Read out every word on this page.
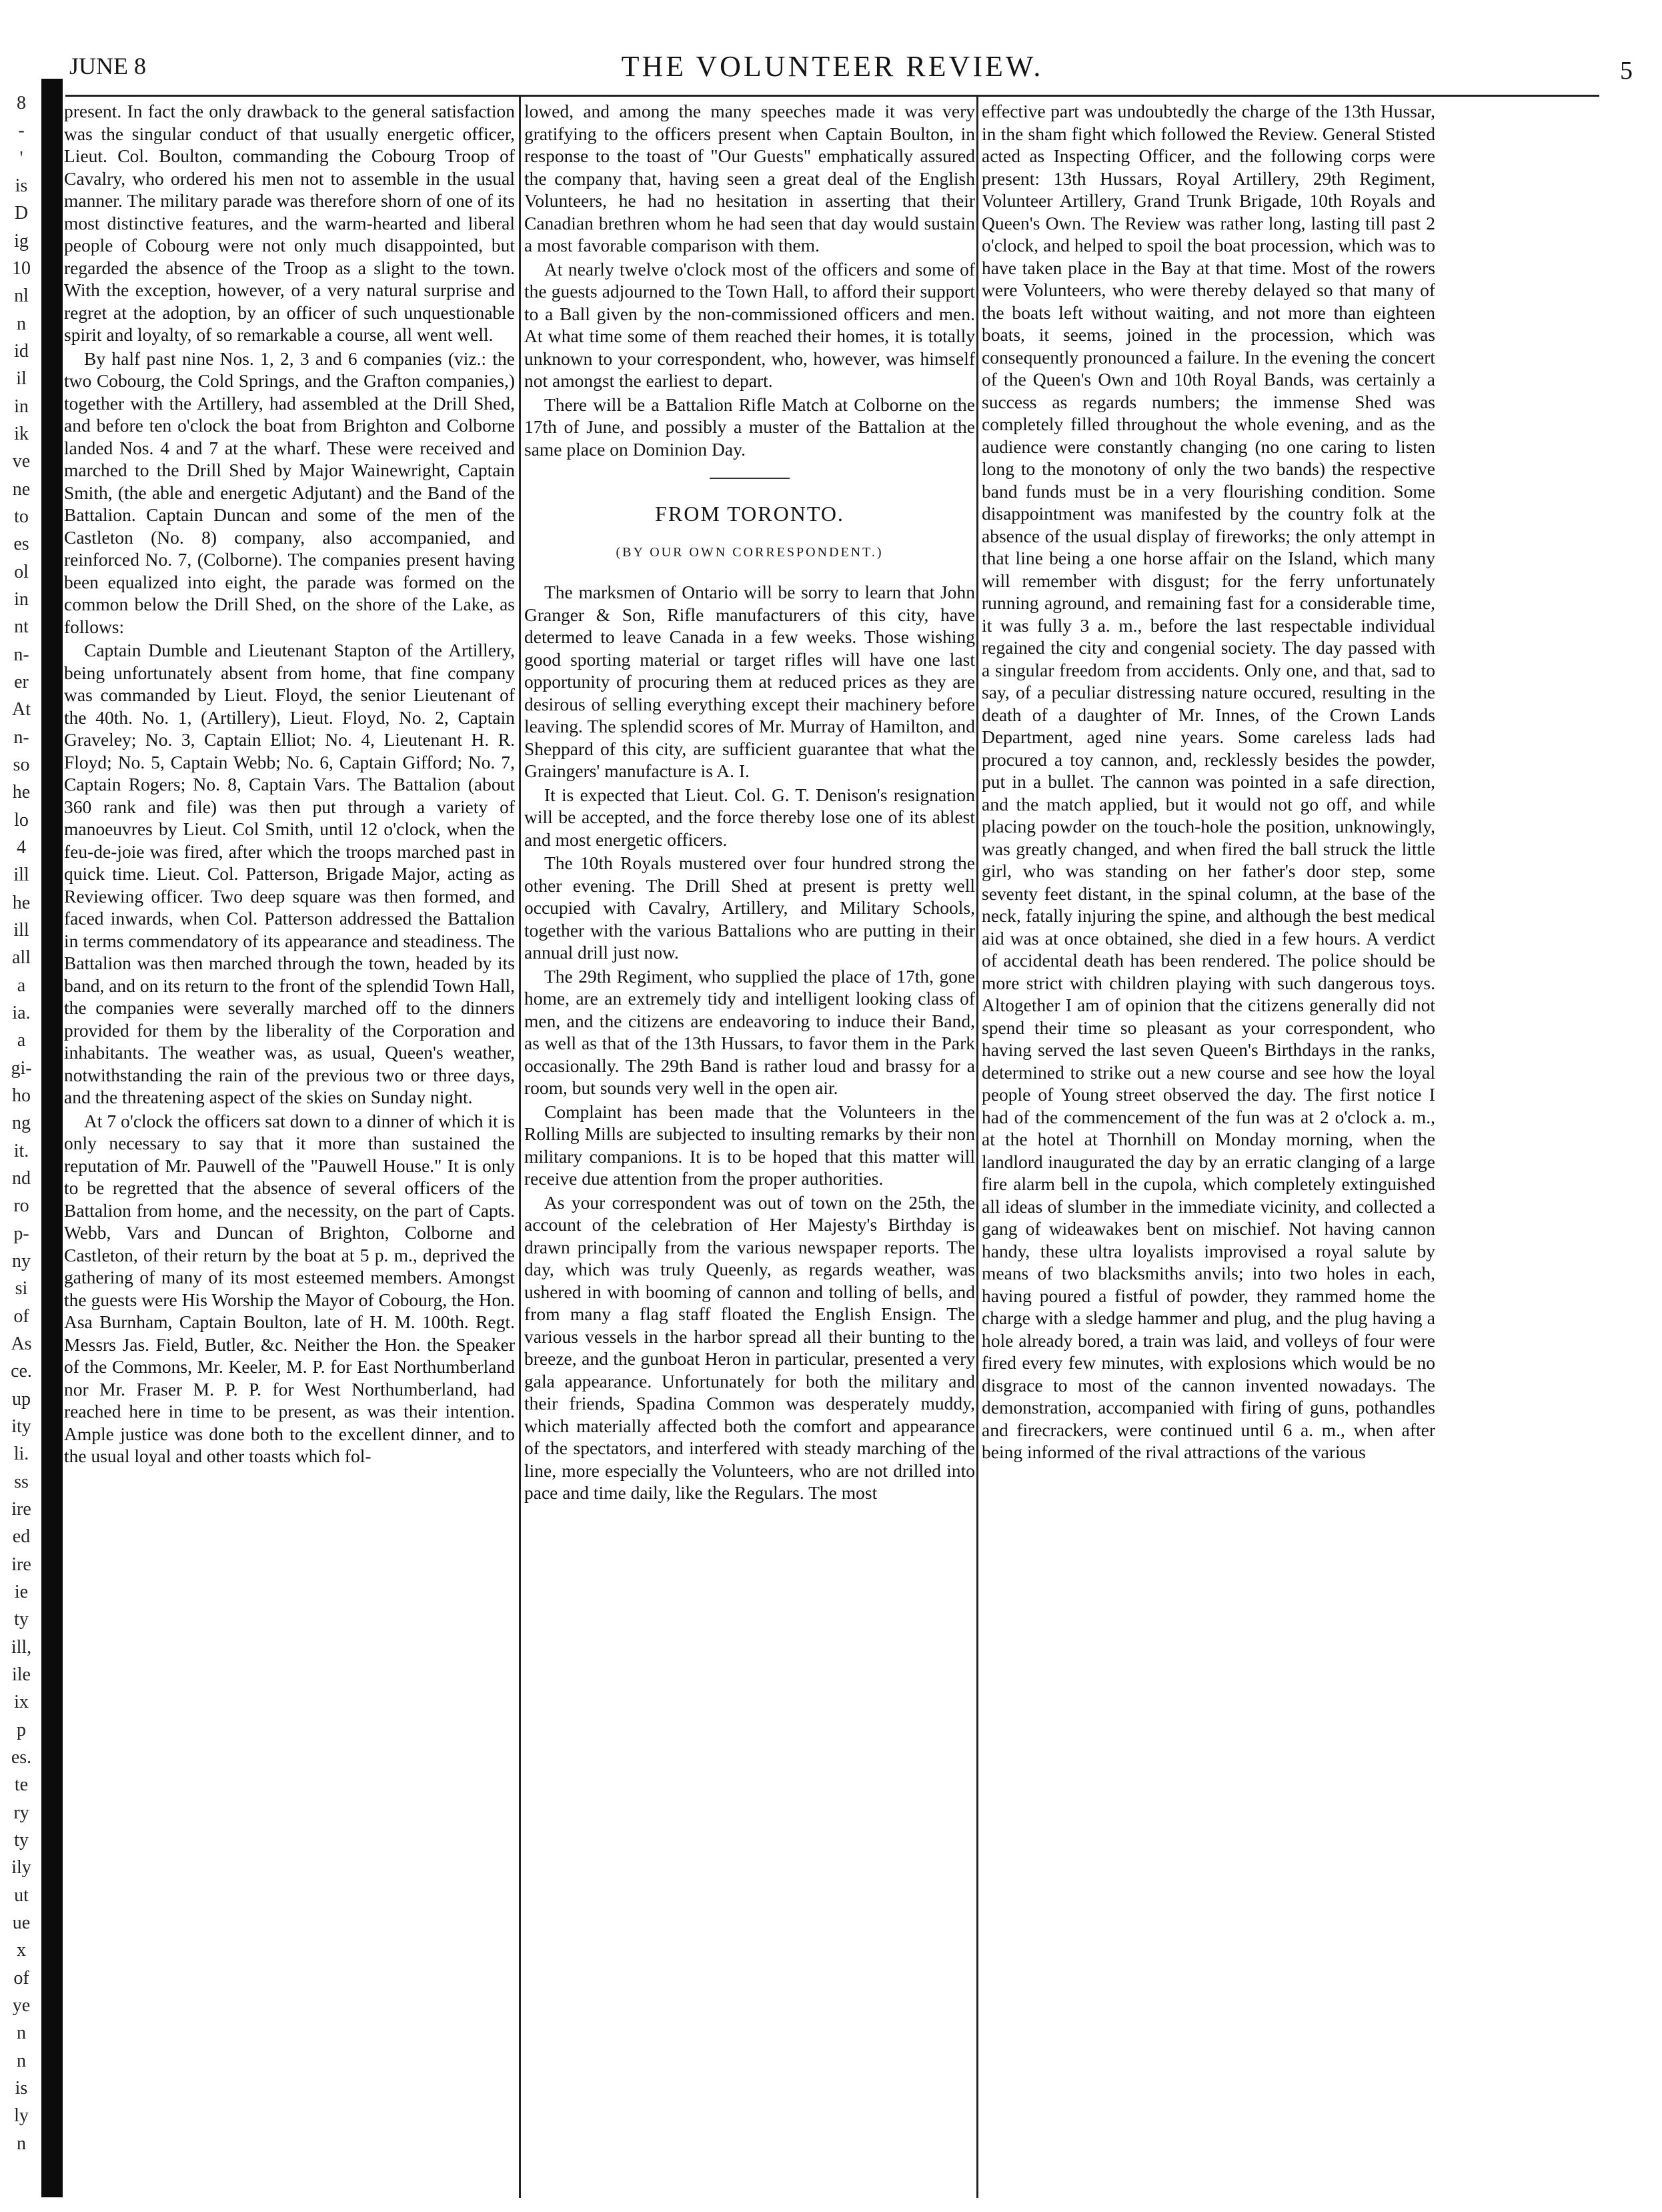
8
-
'
is
D
ig
10
nl
n
id
il
in
ik
ve
ne
to
es
ol
in
nt
n-
er
At
n-
so
he
lo
4
ill
he
ill
all
a
ia.
a
gi-
ho
ng
it.
nd
ro
p-
ny
si
of
As
ce.
up
ity
li.
ss
ire
ed
ire
ie
ty
ill,
ile
ix
p
es.
te
ry
ty
ily
ut
ue
x
of
ye
n
n
is
ly
n
JUNE 8	THE VOLUNTEER REVIEW.	5

present. In fact the only drawback to the general satisfaction was the singular conduct of that usually energetic officer, Lieut. Col. Boulton, commanding the Cobourg Troop of Cavalry, who ordered his men not to assemble in the usual manner. The military parade was therefore shorn of one of its most distinctive features, and the warm-hearted and liberal people of Cobourg were not only much disappointed, but regarded the absence of the Troop as a slight to the town. With the exception, however, of a very natural surprise and regret at the adoption, by an officer of such unquestionable spirit and loyalty, of so remarkable a course, all went well.

By half past nine Nos. 1, 2, 3 and 6 companies (viz.: the two Cobourg, the Cold Springs, and the Grafton companies,) together with the Artillery, had assembled at the Drill Shed, and before ten o'clock the boat from Brighton and Colborne landed Nos. 4 and 7 at the wharf. These were received and marched to the Drill Shed by Major Wainewright, Captain Smith, (the able and energetic Adjutant) and the Band of the Battalion. Captain Duncan and some of the men of the Castleton (No. 8) company, also accompanied, and reinforced No. 7, (Colborne). The companies present having been equalized into eight, the parade was formed on the common below the Drill Shed, on the shore of the Lake, as follows:

Captain Dumble and Lieutenant Stapton of the Artillery, being unfortunately absent from home, that fine company was commanded by Lieut. Floyd, the senior Lieutenant of the 40th. No. 1, (Artillery), Lieut. Floyd, No. 2, Captain Graveley; No. 3, Captain Elliot; No. 4, Lieutenant H. R. Floyd; No. 5, Captain Webb; No. 6, Captain Gifford; No. 7, Captain Rogers; No. 8, Captain Vars. The Battalion (about 360 rank and file) was then put through a variety of manoeuvres by Lieut. Col Smith, until 12 o'clock, when the feu-de-joie was fired, after which the troops marched past in quick time. Lieut. Col. Patterson, Brigade Major, acting as Reviewing officer. Two deep square was then formed, and faced inwards, when Col. Patterson addressed the Battalion in terms commendatory of its appearance and steadiness. The Battalion was then marched through the town, headed by its band, and on its return to the front of the splendid Town Hall, the companies were severally marched off to the dinners provided for them by the liberality of the Corporation and inhabitants. The weather was, as usual, Queen's weather, notwithstanding the rain of the previous two or three days, and the threatening aspect of the skies on Sunday night.

At 7 o'clock the officers sat down to a dinner of which it is only necessary to say that it more than sustained the reputation of Mr. Pauwell of the "Pauwell House." It is only to be regretted that the absence of several officers of the Battalion from home, and the necessity, on the part of Capts. Webb, Vars and Duncan of Brighton, Colborne and Castleton, of their return by the boat at 5 p. m., deprived the gathering of many of its most esteemed members. Amongst the guests were His Worship the Mayor of Cobourg, the Hon. Asa Burnham, Captain Boulton, late of H. M. 100th. Regt. Messrs Jas. Field, Butler, &c. Neither the Hon. the Speaker of the Commons, Mr. Keeler, M. P. for East Northumberland nor Mr. Fraser M. P. P. for West Northumberland, had reached here in time to be present, as was their intention. Ample justice was done both to the excellent dinner, and to the usual loyal and other toasts which fol-

lowed, and among the many speeches made it was very gratifying to the officers present when Captain Boulton, in response to the toast of "Our Guests" emphatically assured the company that, having seen a great deal of the English Volunteers, he had no hesitation in asserting that their Canadian brethren whom he had seen that day would sustain a most favorable comparison with them.

At nearly twelve o'clock most of the officers and some of the guests adjourned to the Town Hall, to afford their support to a Ball given by the non-commissioned officers and men. At what time some of them reached their homes, it is totally unknown to your correspondent, who, however, was himself not amongst the earliest to depart.

There will be a Battalion Rifle Match at Colborne on the 17th of June, and possibly a muster of the Battalion at the same place on Dominion Day.

FROM TORONTO.
(BY OUR OWN CORRESPONDENT.)

The marksmen of Ontario will be sorry to learn that John Granger & Son, Rifle manufacturers of this city, have determed to leave Canada in a few weeks. Those wishing good sporting material or target rifles will have one last opportunity of procuring them at reduced prices as they are desirous of selling everything except their machinery before leaving. The splendid scores of Mr. Murray of Hamilton, and Sheppard of this city, are sufficient guarantee that what the Graingers' manufacture is A. I.

It is expected that Lieut. Col. G. T. Denison's resignation will be accepted, and the force thereby lose one of its ablest and most energetic officers.

The 10th Royals mustered over four hundred strong the other evening. The Drill Shed at present is pretty well occupied with Cavalry, Artillery, and Military Schools, together with the various Battalions who are putting in their annual drill just now.

The 29th Regiment, who supplied the place of 17th, gone home, are an extremely tidy and intelligent looking class of men, and the citizens are endeavoring to induce their Band, as well as that of the 13th Hussars, to favor them in the Park occasionally. The 29th Band is rather loud and brassy for a room, but sounds very well in the open air.

Complaint has been made that the Volunteers in the Rolling Mills are subjected to insulting remarks by their non military companions. It is to be hoped that this matter will receive due attention from the proper authorities.

As your correspondent was out of town on the 25th, the account of the celebration of Her Majesty's Birthday is drawn principally from the various newspaper reports. The day, which was truly Queenly, as regards weather, was ushered in with booming of cannon and tolling of bells, and from many a flag staff floated the English Ensign. The various vessels in the harbor spread all their bunting to the breeze, and the gunboat Heron in particular, presented a very gala appearance. Unfortunately for both the military and their friends, Spadina Common was desperately muddy, which materially affected both the comfort and appearance of the spectators, and interfered with steady marching of the line, more especially the Volunteers, who are not drilled into pace and time daily, like the Regulars. The most

effective part was undoubtedly the charge of the 13th Hussar, in the sham fight which followed the Review. General Stisted acted as Inspecting Officer, and the following corps were present: 13th Hussars, Royal Artillery, 29th Regiment, Volunteer Artillery, Grand Trunk Brigade, 10th Royals and Queen's Own. The Review was rather long, lasting till past 2 o'clock, and helped to spoil the boat procession, which was to have taken place in the Bay at that time. Most of the rowers were Volunteers, who were thereby delayed so that many of the boats left without waiting, and not more than eighteen boats, it seems, joined in the procession, which was consequently pronounced a failure. In the evening the concert of the Queen's Own and 10th Royal Bands, was certainly a success as regards numbers; the immense Shed was completely filled throughout the whole evening, and as the audience were constantly changing (no one caring to listen long to the monotony of only the two bands) the respective band funds must be in a very flourishing condition. Some disappointment was manifested by the country folk at the absence of the usual display of fireworks; the only attempt in that line being a one horse affair on the Island, which many will remember with disgust; for the ferry unfortunately running aground, and remaining fast for a considerable time, it was fully 3 a. m., before the last respectable individual regained the city and congenial society. The day passed with a singular freedom from accidents. Only one, and that, sad to say, of a peculiar distressing nature occured, resulting in the death of a daughter of Mr. Innes, of the Crown Lands Department, aged nine years. Some careless lads had procured a toy cannon, and, recklessly besides the powder, put in a bullet. The cannon was pointed in a safe direction, and the match applied, but it would not go off, and while placing powder on the touch-hole the position, unknowingly, was greatly changed, and when fired the ball struck the little girl, who was standing on her father's door step, some seventy feet distant, in the spinal column, at the base of the neck, fatally injuring the spine, and although the best medical aid was at once obtained, she died in a few hours. A verdict of accidental death has been rendered. The police should be more strict with children playing with such dangerous toys. Altogether I am of opinion that the citizens generally did not spend their time so pleasant as your correspondent, who having served the last seven Queen's Birthdays in the ranks, determined to strike out a new course and see how the loyal people of Young street observed the day. The first notice I had of the commencement of the fun was at 2 o'clock a. m., at the hotel at Thornhill on Monday morning, when the landlord inaugurated the day by an erratic clanging of a large fire alarm bell in the cupola, which completely extinguished all ideas of slumber in the immediate vicinity, and collected a gang of wideawakes bent on mischief. Not having cannon handy, these ultra loyalists improvised a royal salute by means of two blacksmiths anvils; into two holes in each, having poured a fistful of powder, they rammed home the charge with a sledge hammer and plug, and the plug having a hole already bored, a train was laid, and volleys of four were fired every few minutes, with explosions which would be no disgrace to most of the cannon invented nowadays. The demonstration, accompanied with firing of guns, pothandles and firecrackers, were continued until 6 a. m., when after being informed of the rival attractions of the various
